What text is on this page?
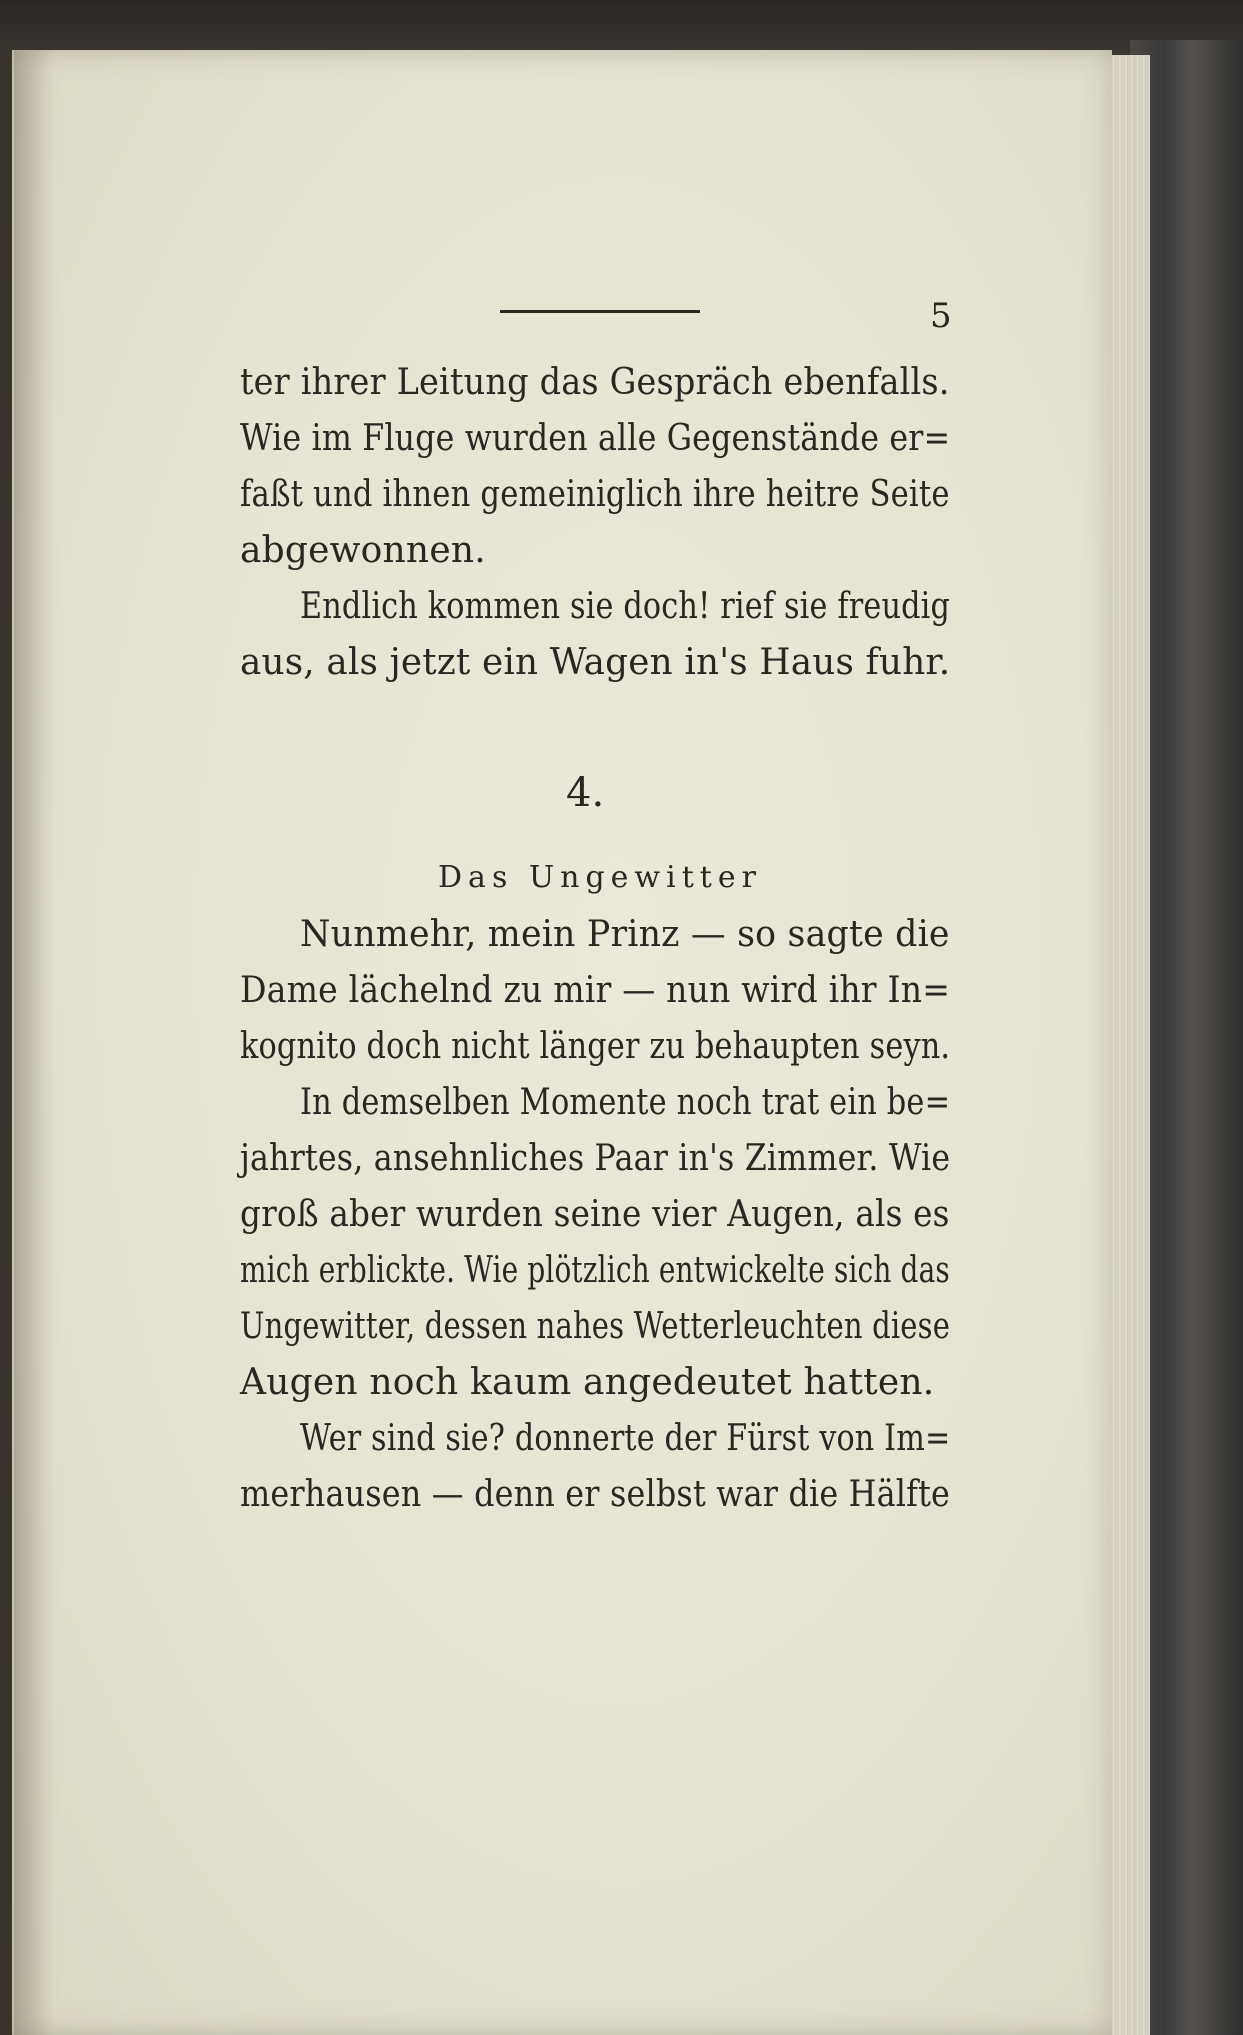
5
ter ihrer Leitung das Gespräch ebenfalls.
Wie im Fluge wurden alle Gegenstände er=
faßt und ihnen gemeiniglich ihre heitre Seite
abgewonnen.
Endlich kommen sie doch! rief sie freudig
aus, als jetzt ein Wagen in's Haus fuhr.
4.
Das Ungewitter
Nunmehr, mein Prinz — so sagte die
Dame lächelnd zu mir — nun wird ihr In=
kognito doch nicht länger zu behaupten seyn.
In demselben Momente noch trat ein be=
jahrtes, ansehnliches Paar in's Zimmer. Wie
groß aber wurden seine vier Augen, als es
mich erblickte. Wie plötzlich entwickelte sich das
Ungewitter, dessen nahes Wetterleuchten diese
Augen noch kaum angedeutet hatten.
Wer sind sie? donnerte der Fürst von Im=
merhausen — denn er selbst war die Hälfte
